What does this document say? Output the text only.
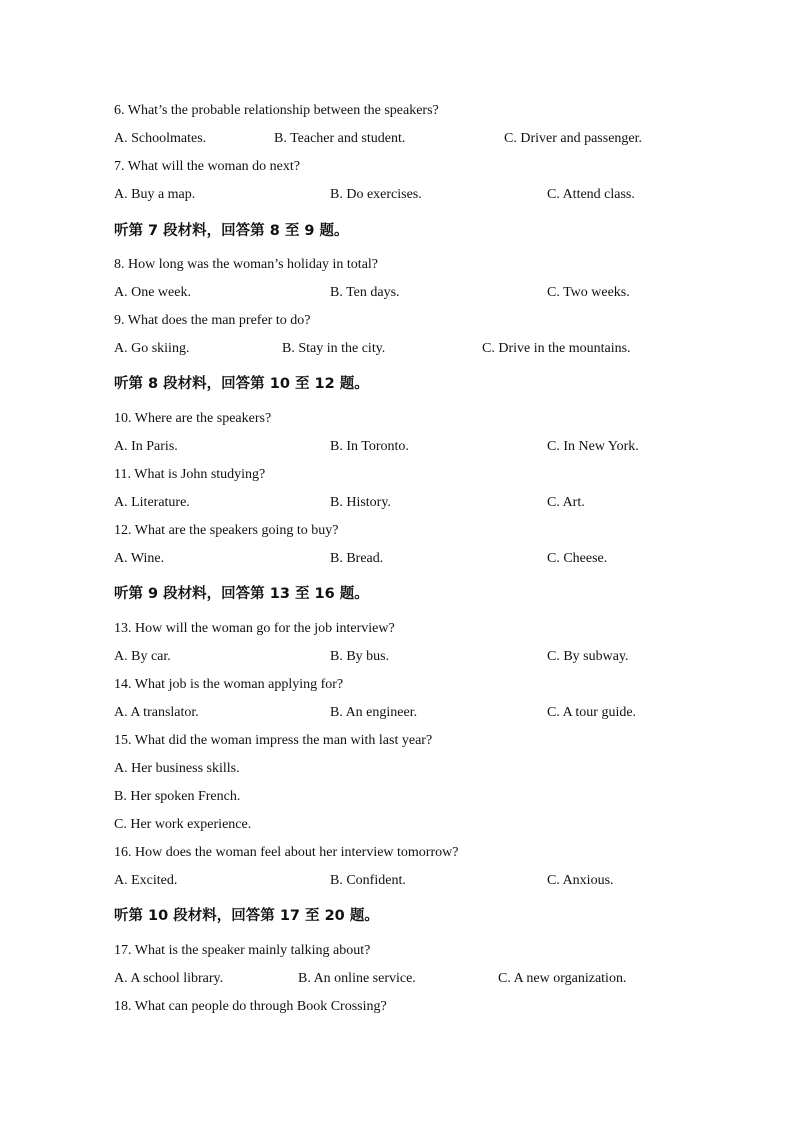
6. What’s the probable relationship between the speakers?
A. Schoolmates.	B. Teacher and student.	C. Driver and passenger.
7. What will the woman do next?
A. Buy a map.	B. Do exercises.	C. Attend class.
听第 7 段材料，回答第 8 至 9 题。
8. How long was the woman’s holiday in total?
A. One week.	B. Ten days.	C. Two weeks.
9. What does the man prefer to do?
A. Go skiing.	B. Stay in the city.	C. Drive in the mountains.
听第 8 段材料，回答第 10 至 12 题。
10. Where are the speakers?
A. In Paris.	B. In Toronto.	C. In New York.
11. What is John studying?
A. Literature.	B. History.	C. Art.
12. What are the speakers going to buy?
A. Wine.	B. Bread.	C. Cheese.
听第 9 段材料，回答第 13 至 16 题。
13. How will the woman go for the job interview?
A. By car.	B. By bus.	C. By subway.
14. What job is the woman applying for?
A. A translator.	B. An engineer.	C. A tour guide.
15. What did the woman impress the man with last year?
A. Her business skills.
B. Her spoken French.
C. Her work experience.
16. How does the woman feel about her interview tomorrow?
A. Excited.	B. Confident.	C. Anxious.
听第 10 段材料，回答第 17 至 20 题。
17. What is the speaker mainly talking about?
A. A school library.	B. An online service.	C. A new organization.
18. What can people do through Book Crossing?
